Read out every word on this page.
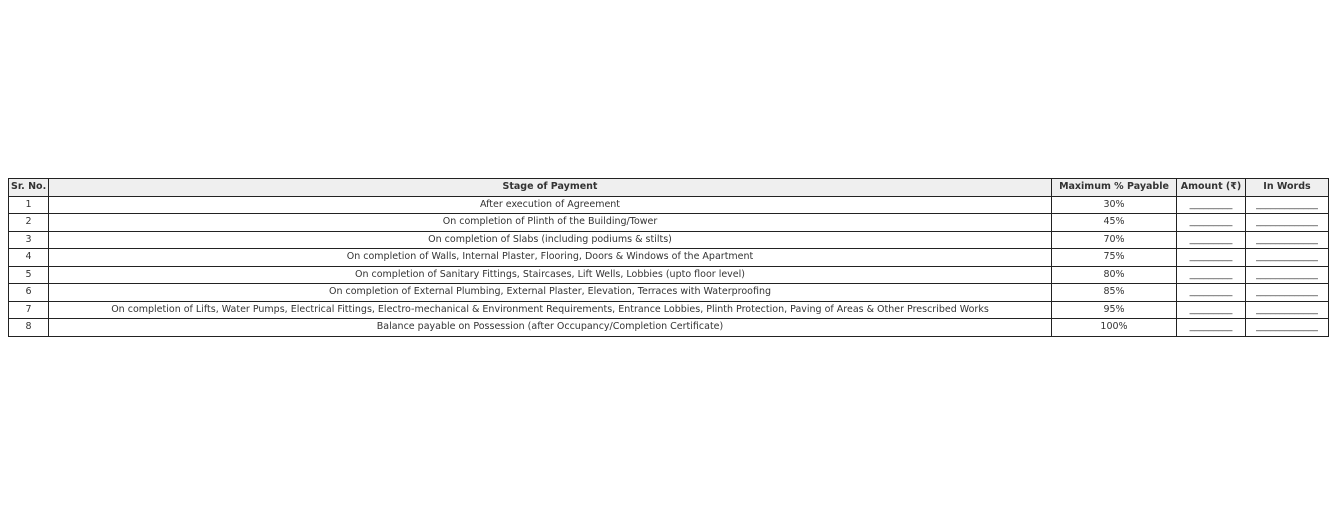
Sr. No.	Stage of Payment	Maximum % Payable	Amount (₹)	In Words
1	After execution of Agreement	30%	_________	_____________
2	On completion of Plinth of the Building/Tower	45%	_________	_____________
3	On completion of Slabs (including podiums & stilts)	70%	_________	_____________
4	On completion of Walls, Internal Plaster, Flooring, Doors & Windows of the Apartment	75%	_________	_____________
5	On completion of Sanitary Fittings, Staircases, Lift Wells, Lobbies (upto floor level)	80%	_________	_____________
6	On completion of External Plumbing, External Plaster, Elevation, Terraces with Waterproofing	85%	_________	_____________
7	On completion of Lifts, Water Pumps, Electrical Fittings, Electro-mechanical & Environment Requirements, Entrance Lobbies, Plinth Protection, Paving of Areas & Other Prescribed Works	95%	_________	_____________
8	Balance payable on Possession (after Occupancy/Completion Certificate)	100%	_________	_____________
